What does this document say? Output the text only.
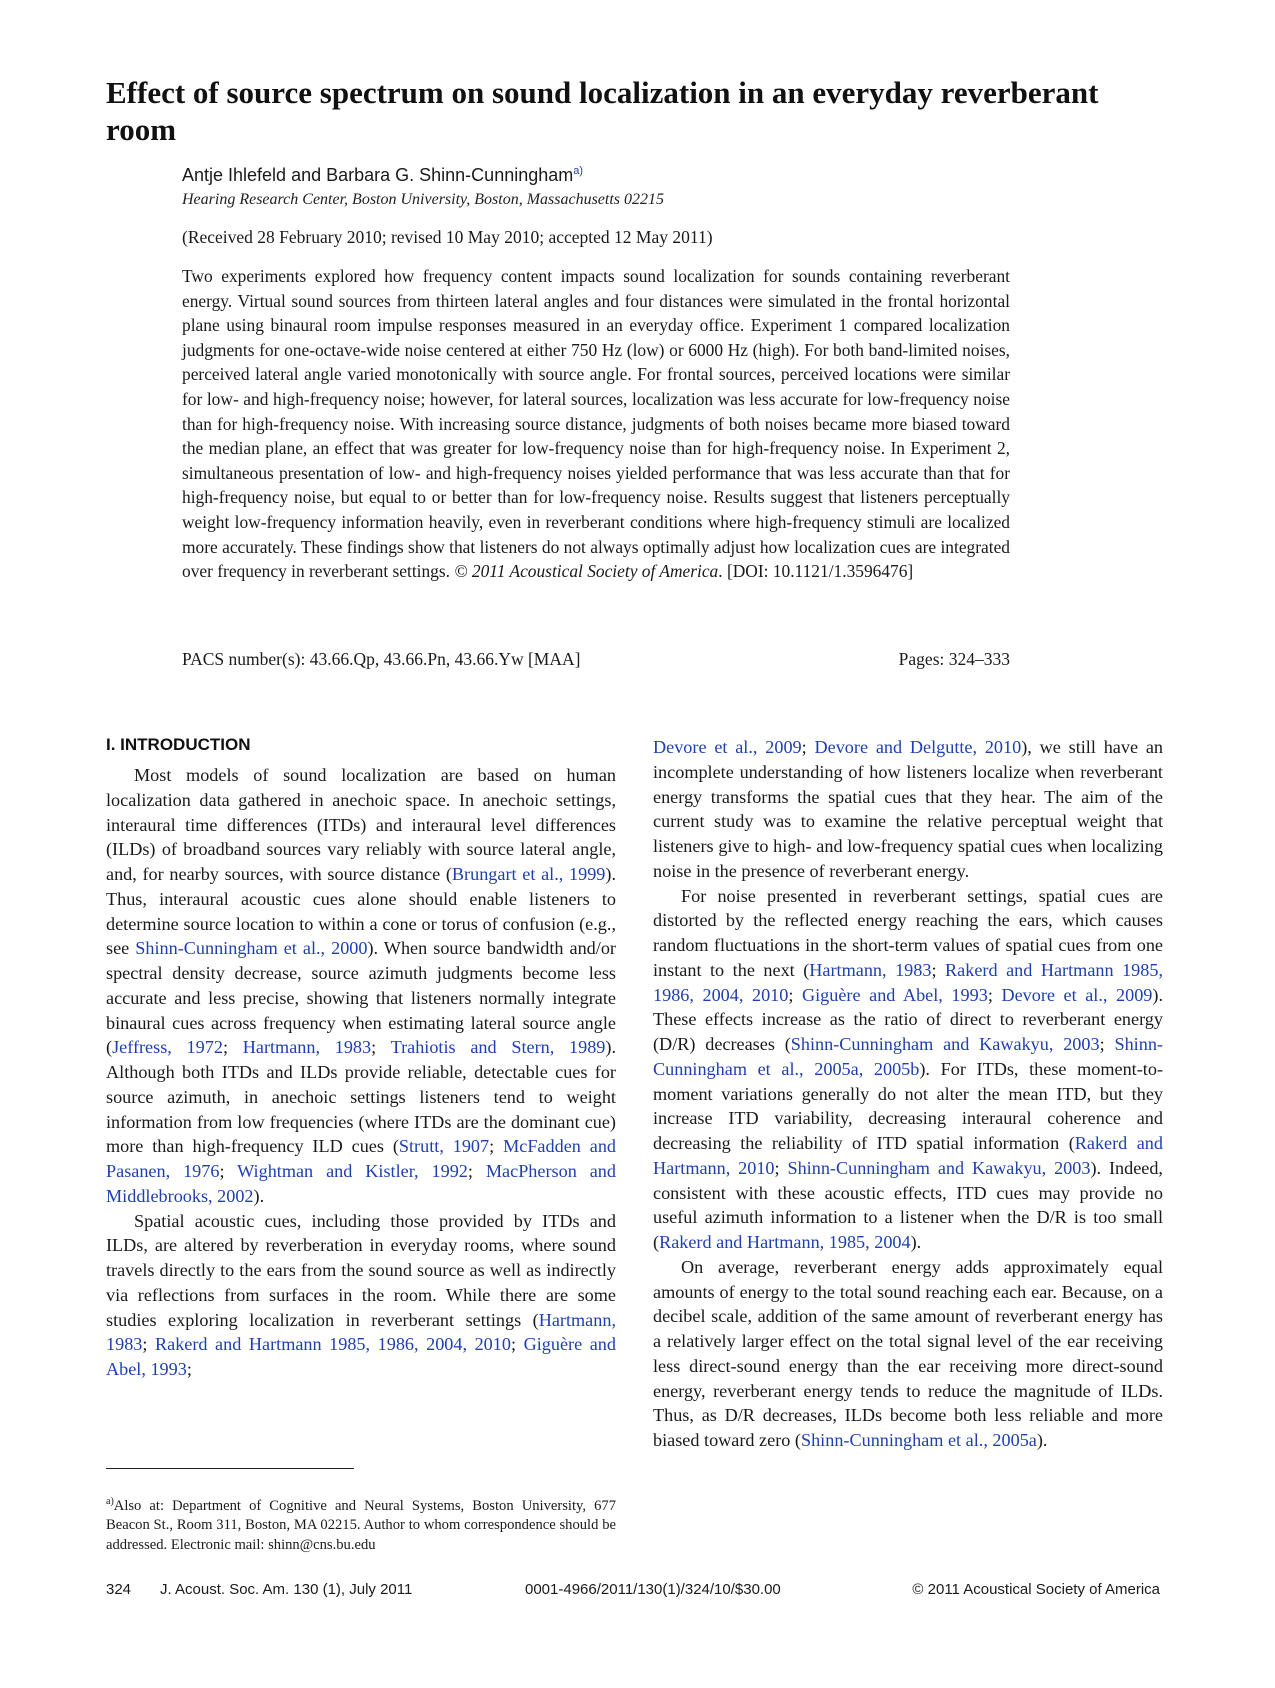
Effect of source spectrum on sound localization in an everyday reverberant room
Antje Ihlefeld and Barbara G. Shinn-Cunningham$^{a)}$
Hearing Research Center, Boston University, Boston, Massachusetts 02215
(Received 28 February 2010; revised 10 May 2010; accepted 12 May 2011)

Two experiments explored how frequency content impacts sound localization for sounds containing reverberant energy. Virtual sound sources from thirteen lateral angles and four distances were simulated in the frontal horizontal plane using binaural room impulse responses measured in an everyday office. Experiment 1 compared localization judgments for one-octave-wide noise centered at either 750 Hz (low) or 6000 Hz (high). For both band-limited noises, perceived lateral angle varied monotonically with source angle. For frontal sources, perceived locations were similar for low- and high-frequency noise; however, for lateral sources, localization was less accurate for low-frequency noise than for high-frequency noise. With increasing source distance, judgments of both noises became more biased toward the median plane, an effect that was greater for low-frequency noise than for high-frequency noise. In Experiment 2, simultaneous presentation of low- and high-frequency noises yielded performance that was less accurate than that for high-frequency noise, but equal to or better than for low-frequency noise. Results suggest that listeners perceptually weight low-frequency information heavily, even in reverberant conditions where high-frequency stimuli are localized more accurately. These findings show that listeners do not always optimally adjust how localization cues are integrated over frequency in reverberant settings. © 2011 Acoustical Society of America. [DOI: 10.1121/1.3596476]

PACS number(s): 43.66.Qp, 43.66.Pn, 43.66.Yw [MAA]	Pages: 324–333
I. INTRODUCTION

Most models of sound localization are based on human localization data gathered in anechoic space. In anechoic settings, interaural time differences (ITDs) and interaural level differences (ILDs) of broadband sources vary reliably with source lateral angle, and, for nearby sources, with source distance (Brungart et al., 1999). Thus, interaural acoustic cues alone should enable listeners to determine source location to within a cone or torus of confusion (e.g., see Shinn-Cunningham et al., 2000). When source bandwidth and/or spectral density decrease, source azimuth judgments become less accurate and less precise, showing that listeners normally integrate binaural cues across frequency when estimating lateral source angle (Jeffress, 1972; Hartmann, 1983; Trahiotis and Stern, 1989). Although both ITDs and ILDs provide reliable, detectable cues for source azimuth, in anechoic settings listeners tend to weight information from low frequencies (where ITDs are the dominant cue) more than high-frequency ILD cues (Strutt, 1907; McFadden and Pasanen, 1976; Wightman and Kistler, 1992; MacPherson and Middlebrooks, 2002).

Spatial acoustic cues, including those provided by ITDs and ILDs, are altered by reverberation in everyday rooms, where sound travels directly to the ears from the sound source as well as indirectly via reflections from surfaces in the room. While there are some studies exploring localization in reverberant settings (Hartmann, 1983; Rakerd and Hartmann 1985, 1986, 2004, 2010; Giguère and Abel, 1993;

Devore et al., 2009; Devore and Delgutte, 2010), we still have an incomplete understanding of how listeners localize when reverberant energy transforms the spatial cues that they hear. The aim of the current study was to examine the relative perceptual weight that listeners give to high- and low-frequency spatial cues when localizing noise in the presence of reverberant energy.

For noise presented in reverberant settings, spatial cues are distorted by the reflected energy reaching the ears, which causes random fluctuations in the short-term values of spatial cues from one instant to the next (Hartmann, 1983; Rakerd and Hartmann 1985, 1986, 2004, 2010; Giguère and Abel, 1993; Devore et al., 2009). These effects increase as the ratio of direct to reverberant energy (D/R) decreases (Shinn-Cunningham and Kawakyu, 2003; Shinn-Cunningham et al., 2005a, 2005b). For ITDs, these moment-to-moment variations generally do not alter the mean ITD, but they increase ITD variability, decreasing interaural coherence and decreasing the reliability of ITD spatial information (Rakerd and Hartmann, 2010; Shinn-Cunningham and Kawakyu, 2003). Indeed, consistent with these acoustic effects, ITD cues may provide no useful azimuth information to a listener when the D/R is too small (Rakerd and Hartmann, 1985, 2004).

On average, reverberant energy adds approximately equal amounts of energy to the total sound reaching each ear. Because, on a decibel scale, addition of the same amount of reverberant energy has a relatively larger effect on the total signal level of the ear receiving less direct-sound energy than the ear receiving more direct-sound energy, reverberant energy tends to reduce the magnitude of ILDs. Thus, as D/R decreases, ILDs become both less reliable and more biased toward zero (Shinn-Cunningham et al., 2005a).

$^{a)}$Also at: Department of Cognitive and Neural Systems, Boston University, 677 Beacon St., Room 311, Boston, MA 02215. Author to whom correspondence should be addressed. Electronic mail: shinn@cns.bu.edu
324 J. Acoust. Soc. Am. 130 (1), July 2011	0001-4966/2011/130(1)/324/10/$30.00	© 2011 Acoustical Society of America
